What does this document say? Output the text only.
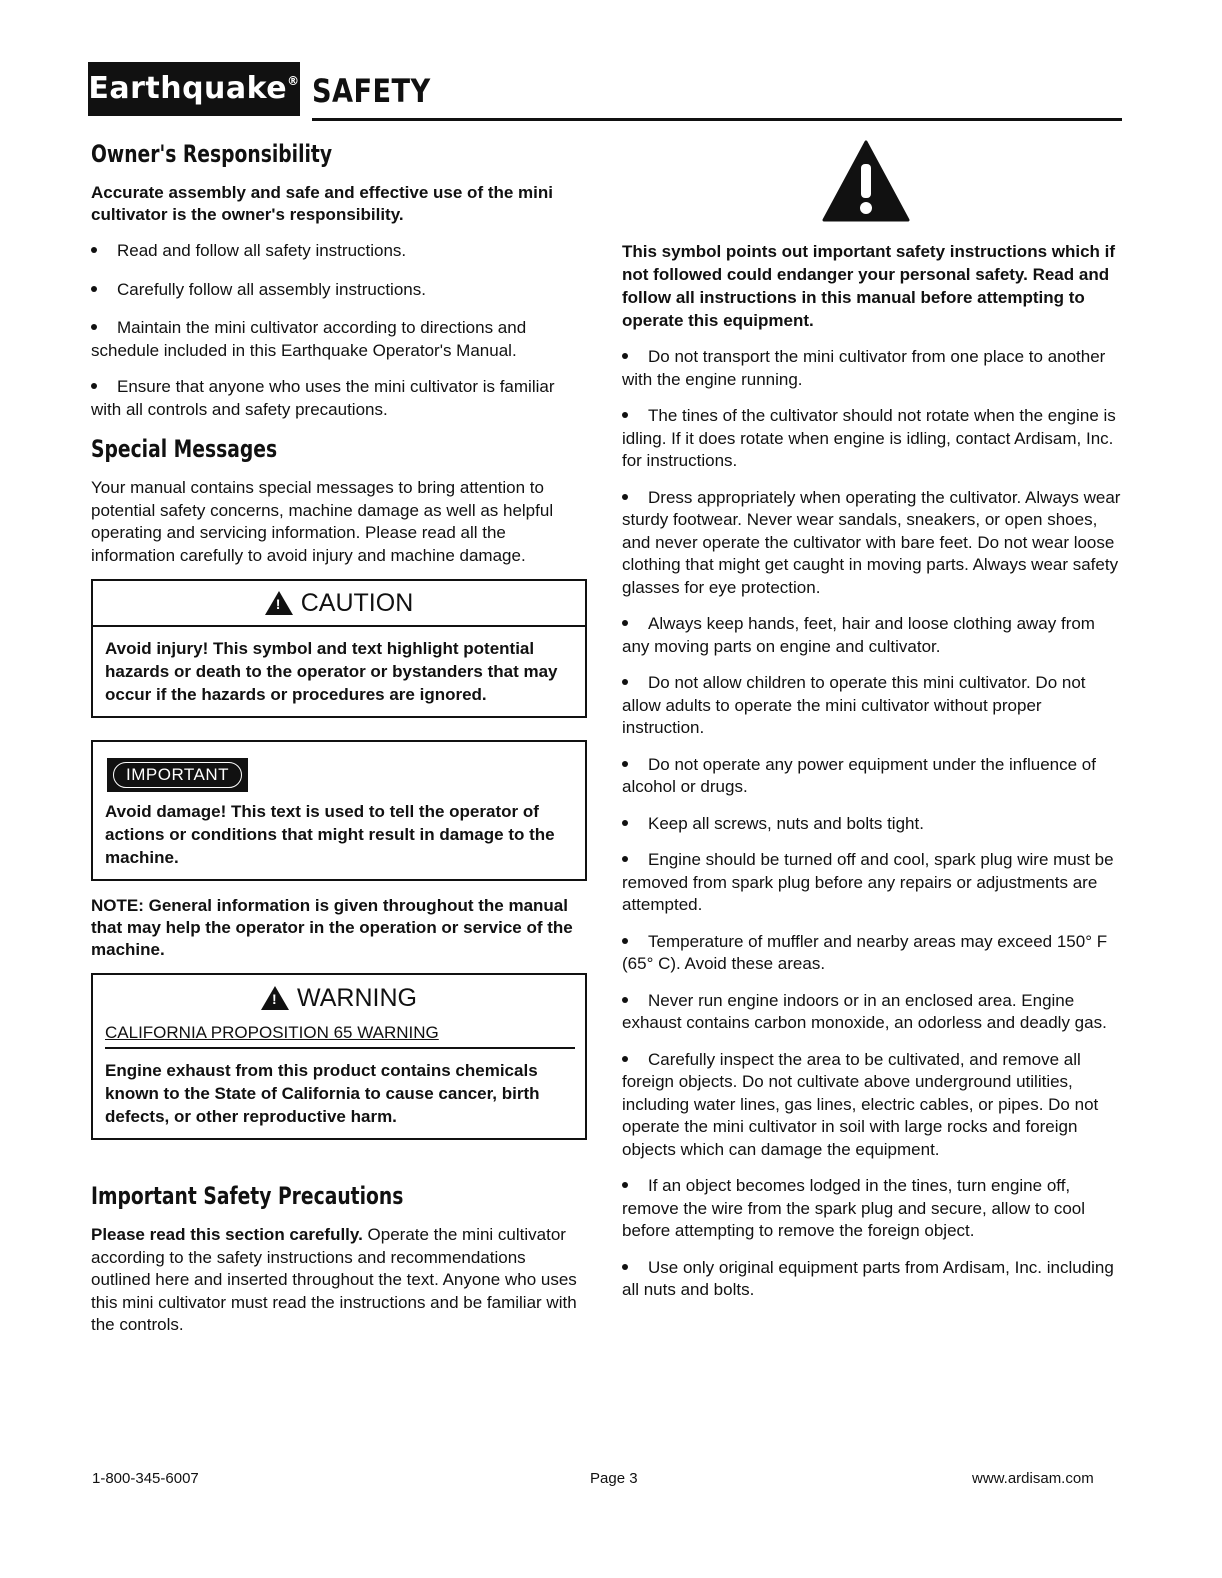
Earthquake® SAFETY
Owner's Responsibility

Accurate assembly and safe and effective use of the mini cultivator is the owner's responsibility.

Read and follow all safety instructions.
Carefully follow all assembly instructions.
Maintain the mini cultivator according to directions and schedule included in this Earthquake Operator's Manual.
Ensure that anyone who uses the mini cultivator is familiar with all controls and safety precautions.
Special Messages

Your manual contains special messages to bring attention to potential safety concerns, machine damage as well as helpful operating and servicing information. Please read all the information carefully to avoid injury and machine damage.

!
CAUTION
Avoid injury! This symbol and text highlight potential hazards or death to the operator or bystanders that may occur if the hazards or procedures are ignored.
IMPORTANT
Avoid damage! This text is used to tell the operator of actions or conditions that might result in damage to the machine.

NOTE: General information is given throughout the manual that may help the operator in the operation or service of the machine.

!
WARNING
CALIFORNIA PROPOSITION 65 WARNING
Engine exhaust from this product contains chemicals known to the State of California to cause cancer, birth defects, or other reproductive harm.
Important Safety Precautions

Please read this section carefully. Operate the mini cultivator according to the safety instructions and recommendations outlined here and inserted throughout the text. Anyone who uses this mini cultivator must read the instructions and be familiar with the controls.

This symbol points out important safety instructions which if not followed could endanger your personal safety. Read and follow all instructions in this manual before attempting to operate this equipment.

Do not transport the mini cultivator from one place to another with the engine running.
The tines of the cultivator should not rotate when the engine is idling. If it does rotate when engine is idling, contact Ardisam, Inc. for instructions.
Dress appropriately when operating the cultivator. Always wear sturdy footwear. Never wear sandals, sneakers, or open shoes, and never operate the cultivator with bare feet. Do not wear loose clothing that might get caught in moving parts. Always wear safety glasses for eye protection.
Always keep hands, feet, hair and loose clothing away from any moving parts on engine and cultivator.
Do not allow children to operate this mini cultivator. Do not allow adults to operate the mini cultivator without proper instruction.
Do not operate any power equipment under the influence of alcohol or drugs.
Keep all screws, nuts and bolts tight.
Engine should be turned off and cool, spark plug wire must be removed from spark plug before any repairs or adjustments are attempted.
Temperature of muffler and nearby areas may exceed 150° F (65° C). Avoid these areas.
Never run engine indoors or in an enclosed area. Engine exhaust contains carbon monoxide, an odorless and deadly gas.
Carefully inspect the area to be cultivated, and remove all foreign objects. Do not cultivate above underground utilities, including water lines, gas lines, electric cables, or pipes. Do not operate the mini cultivator in soil with large rocks and foreign objects which can damage the equipment.
If an object becomes lodged in the tines, turn engine off, remove the wire from the spark plug and secure, allow to cool before attempting to remove the foreign object.
Use only original equipment parts from Ardisam, Inc. including all nuts and bolts.
1-800-345-6007	Page 3	www.ardisam.com
